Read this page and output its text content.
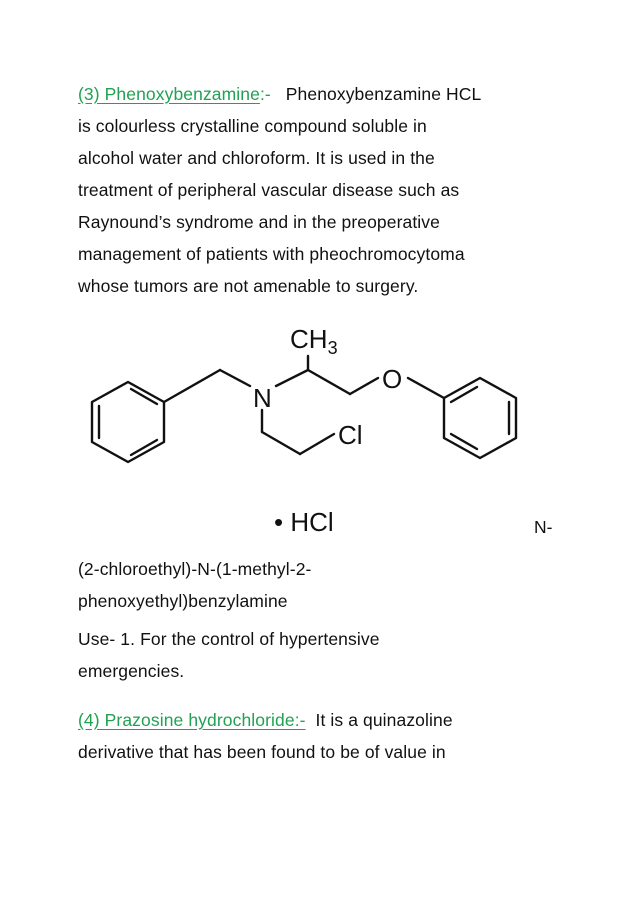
(3) Phenoxybenzamine:- Phenoxybenzamine HCL
is colourless crystalline compound soluble in
alcohol water and chloroform. It is used in the
treatment of peripheral vascular disease such as
Raynound’s syndrome and in the preoperative
management of patients with pheochromocytoma
whose tumors are not amenable to surgery.
$CH_3$
N
O
Cl
• HCl	N-
(2-chloroethyl)-N-(1-methyl-2-
phenoxyethyl)benzylamine
Use- 1. For the control of hypertensive
emergencies.
(4) Prazosine hydrochloride:- It is a quinazoline
derivative that has been found to be of value in
